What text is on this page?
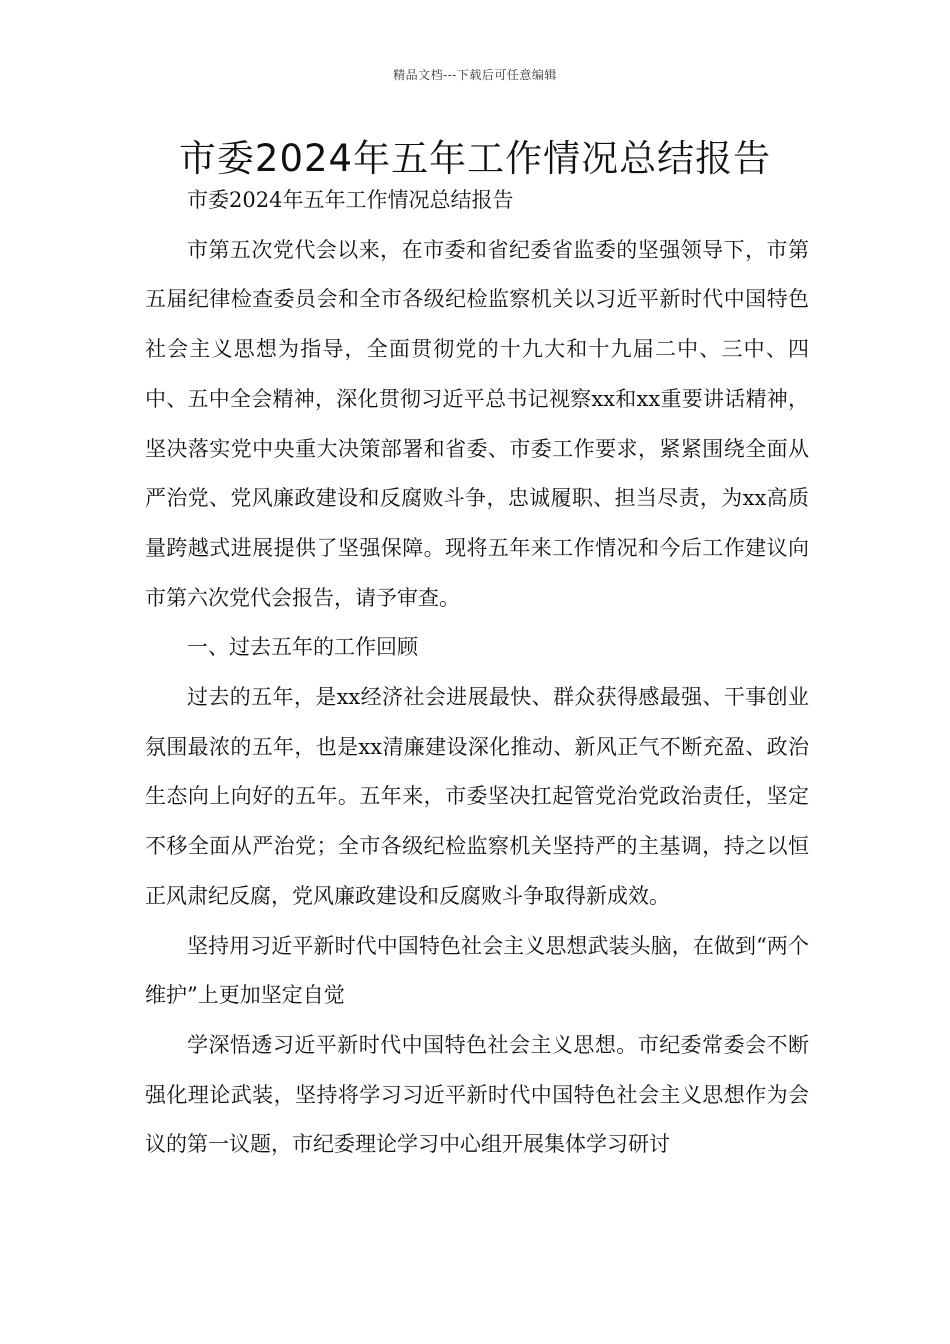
精品文档---下载后可任意编辑
市委2024年五年工作情况总结报告

市委2024年五年工作情况总结报告

市第五次党代会以来，在市委和省纪委省监委的坚强领导下，市第五届纪律检查委员会和全市各级纪检监察机关以习近平新时代中国特色社会主义思想为指导，全面贯彻党的十九大和十九届二中、三中、四中、五中全会精神，深化贯彻习近平总书记视察xx和xx重要讲话精神，坚决落实党中央重大决策部署和省委、市委工作要求，紧紧围绕全面从严治党、党风廉政建设和反腐败斗争，忠诚履职、担当尽责，为xx高质量跨越式进展提供了坚强保障。现将五年来工作情况和今后工作建议向市第六次党代会报告，请予审查。

一、过去五年的工作回顾

过去的五年，是xx经济社会进展最快、群众获得感最强、干事创业氛围最浓的五年，也是xx清廉建设深化推动、新风正气不断充盈、政治生态向上向好的五年。五年来，市委坚决扛起管党治党政治责任，坚定不移全面从严治党；全市各级纪检监察机关坚持严的主基调，持之以恒正风肃纪反腐，党风廉政建设和反腐败斗争取得新成效。

坚持用习近平新时代中国特色社会主义思想武装头脑，在做到“两个维护”上更加坚定自觉

学深悟透习近平新时代中国特色社会主义思想。市纪委常委会不断强化理论武装，坚持将学习习近平新时代中国特色社会主义思想作为会议的第一议题，市纪委理论学习中心组开展集体学习研讨
